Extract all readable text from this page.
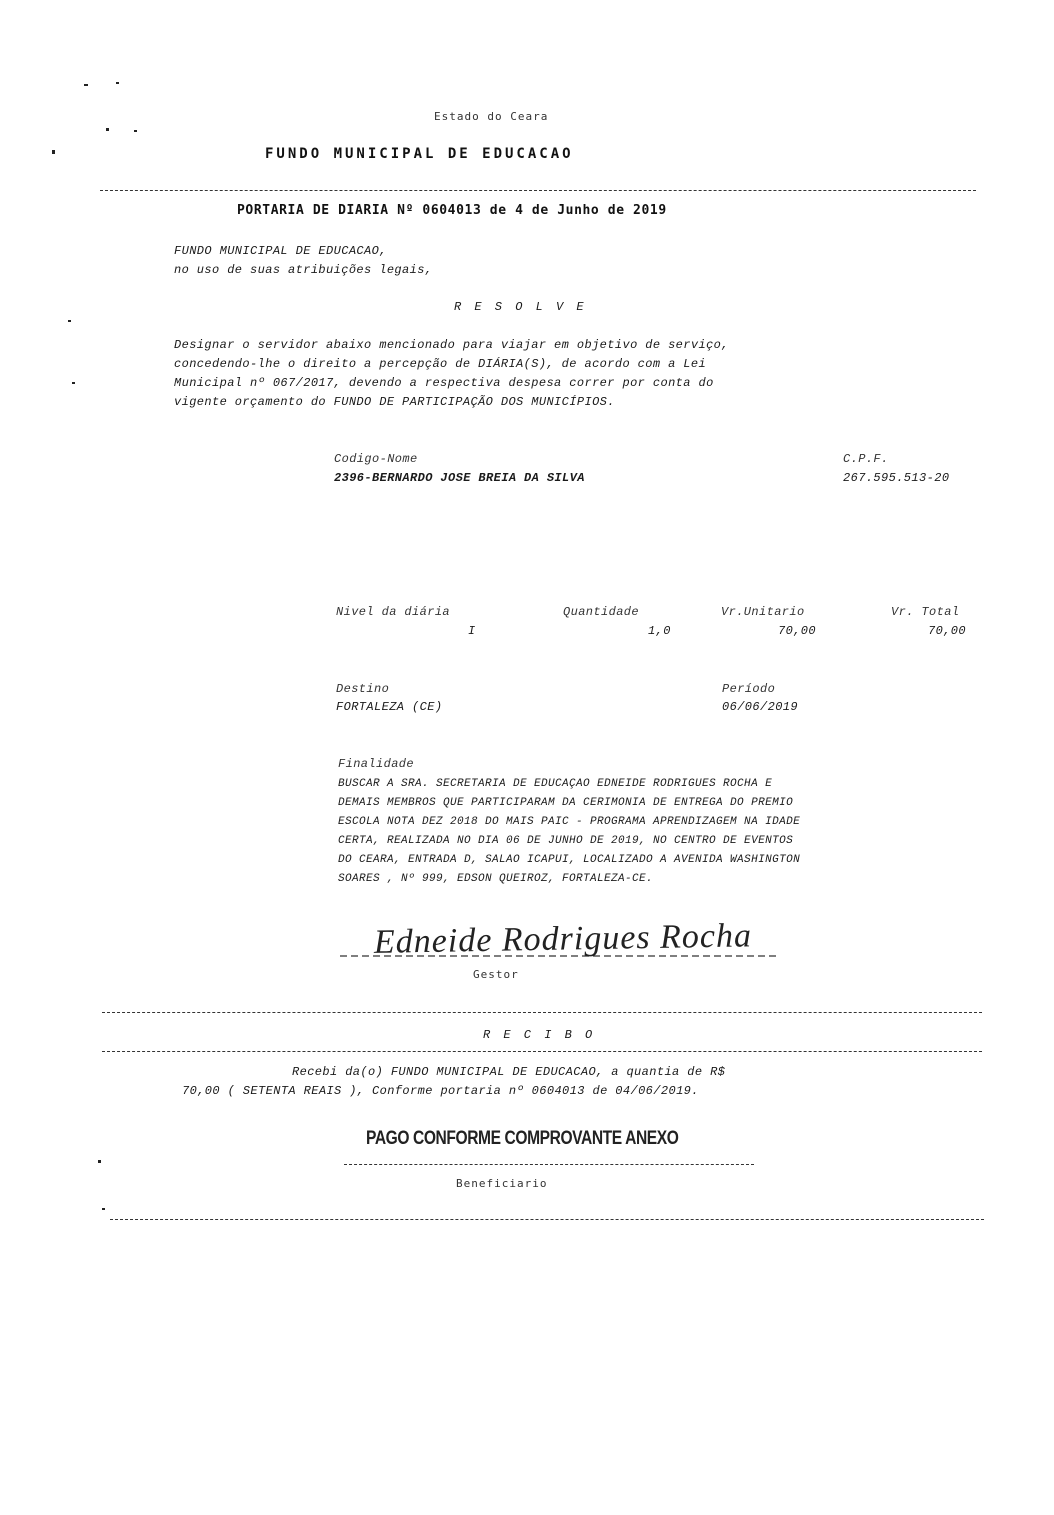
Estado do Ceara
FUNDO MUNICIPAL DE EDUCACAO
PORTARIA DE DIARIA Nº 0604013 de 4 de Junho de 2019
FUNDO MUNICIPAL DE EDUCACAO,
no uso de suas atribuições legais,
R E S O L V E
Designar o servidor abaixo mencionado para viajar em objetivo de serviço,
concedendo-lhe o direito a percepção de DIÁRIA(S), de acordo com a Lei
Municipal nº 067/2017, devendo a respectiva despesa correr por conta do
vigente orçamento do FUNDO DE PARTICIPAÇÃO DOS MUNICÍPIOS.
Codigo-Nome
2396-BERNARDO JOSE BREIA DA SILVA
C.P.F.
267.595.513-20
Nivel da diária
I
Quantidade
1,0
Vr.Unitario
70,00
Vr. Total
70,00
Destino
FORTALEZA (CE)
Período
06/06/2019
Finalidade
BUSCAR A SRA. SECRETARIA DE EDUCAÇAO EDNEIDE RODRIGUES ROCHA E
DEMAIS MEMBROS QUE PARTICIPARAM DA CERIMONIA DE ENTREGA DO PREMIO
ESCOLA NOTA DEZ 2018 DO MAIS PAIC - PROGRAMA APRENDIZAGEM NA IDADE
CERTA, REALIZADA NO DIA 06 DE JUNHO DE 2019, NO CENTRO DE EVENTOS
DO CEARA, ENTRADA D, SALAO ICAPUI, LOCALIZADO A AVENIDA WASHINGTON
SOARES , Nº 999, EDSON QUEIROZ, FORTALEZA-CE.
Edneide Rodrigues Rocha
Gestor
R E C I B O
Recebi da(o) FUNDO MUNICIPAL DE EDUCACAO, a quantia de R$
70,00 ( SETENTA REAIS ), Conforme portaria nº 0604013 de 04/06/2019.
PAGO CONFORME COMPROVANTE ANEXO
Beneficiario
